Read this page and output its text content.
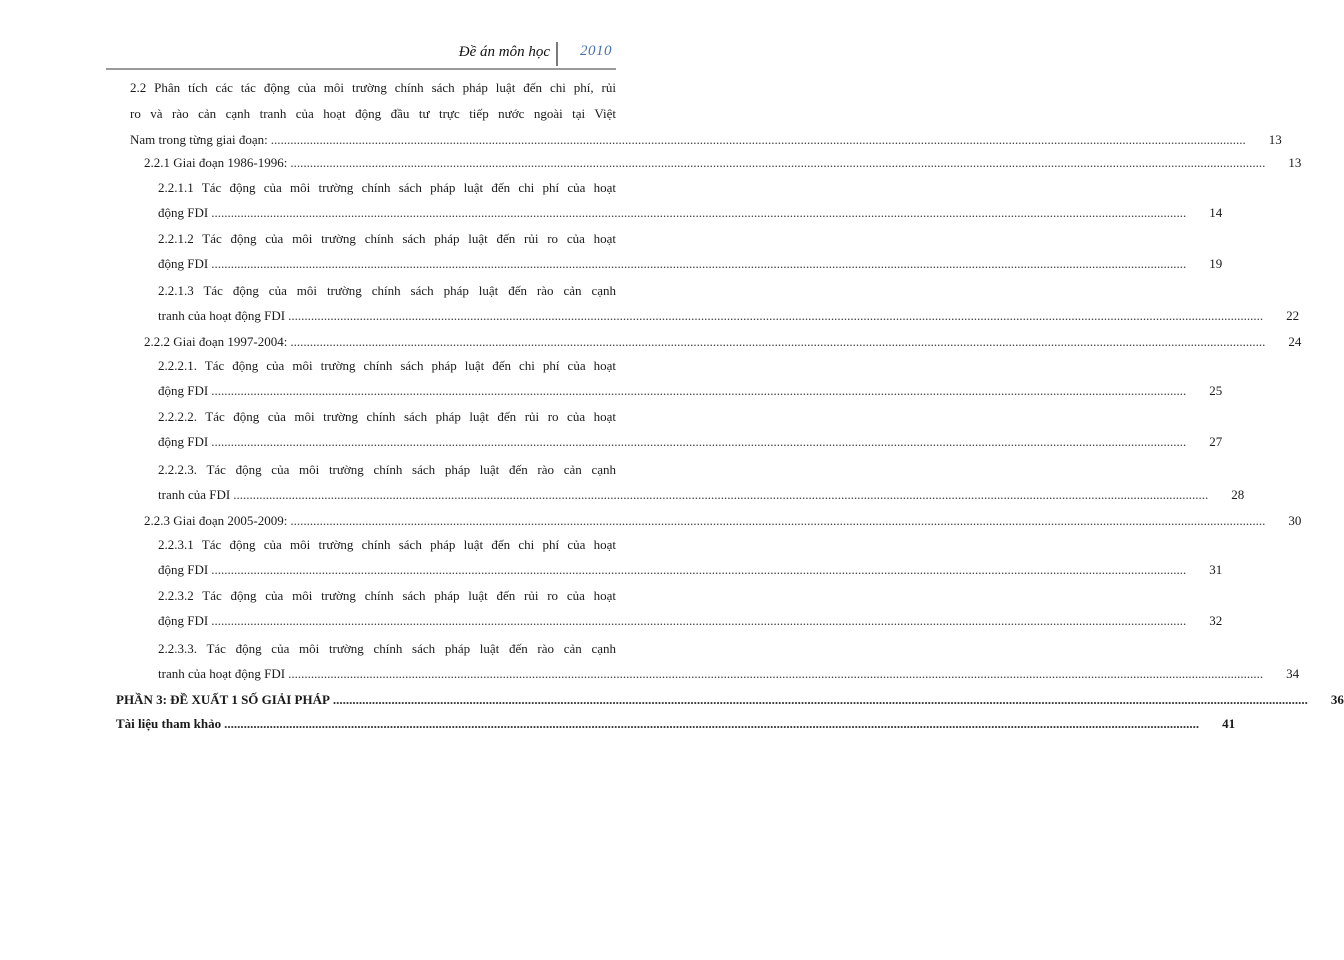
Đề án môn học 2010
2.2 Phân tích các tác động của môi trường chính sách pháp luật đến chi phí, rủi
ro và rào cản cạnh tranh của hoạt động đầu tư trực tiếp nước ngoài tại Việt
Nam trong từng giai đoạn: ............................................................................................................................................................................................................................................................................................................	13
2.2.1 Giai đoạn 1986-1996: ............................................................................................................................................................................................................................................................................................................	13
2.2.1.1 Tác động của môi trường chính sách pháp luật đến chi phí của hoạt
động FDI ............................................................................................................................................................................................................................................................................................................	14
2.2.1.2 Tác động của môi trường chính sách pháp luật đến rủi ro của hoạt
động FDI ............................................................................................................................................................................................................................................................................................................	19
2.2.1.3 Tác động của môi trường chính sách pháp luật đến rào cản cạnh
tranh của hoạt động FDI ............................................................................................................................................................................................................................................................................................................	22
2.2.2 Giai đoạn 1997-2004: ............................................................................................................................................................................................................................................................................................................	24
2.2.2.1. Tác động của môi trường chính sách pháp luật đến chi phí của hoạt
động FDI ............................................................................................................................................................................................................................................................................................................	25
2.2.2.2. Tác động của môi trường chính sách pháp luật đến rủi ro của hoạt
động FDI ............................................................................................................................................................................................................................................................................................................	27
2.2.2.3. Tác động của môi trường chính sách pháp luật đến rào cản cạnh
tranh của FDI ............................................................................................................................................................................................................................................................................................................	28
2.2.3 Giai đoạn 2005-2009: ............................................................................................................................................................................................................................................................................................................	30
2.2.3.1 Tác động của môi trường chính sách pháp luật đến chi phí của hoạt
động FDI ............................................................................................................................................................................................................................................................................................................	31
2.2.3.2 Tác động của môi trường chính sách pháp luật đến rủi ro của hoạt
động FDI ............................................................................................................................................................................................................................................................................................................	32
2.2.3.3. Tác động của môi trường chính sách pháp luật đến rào cản cạnh
tranh của hoạt động FDI ............................................................................................................................................................................................................................................................................................................	34
PHẦN 3: ĐỀ XUẤT 1 SỐ GIẢI PHÁP ............................................................................................................................................................................................................................................................................................................	36
Tài liệu tham khảo ............................................................................................................................................................................................................................................................................................................	41
